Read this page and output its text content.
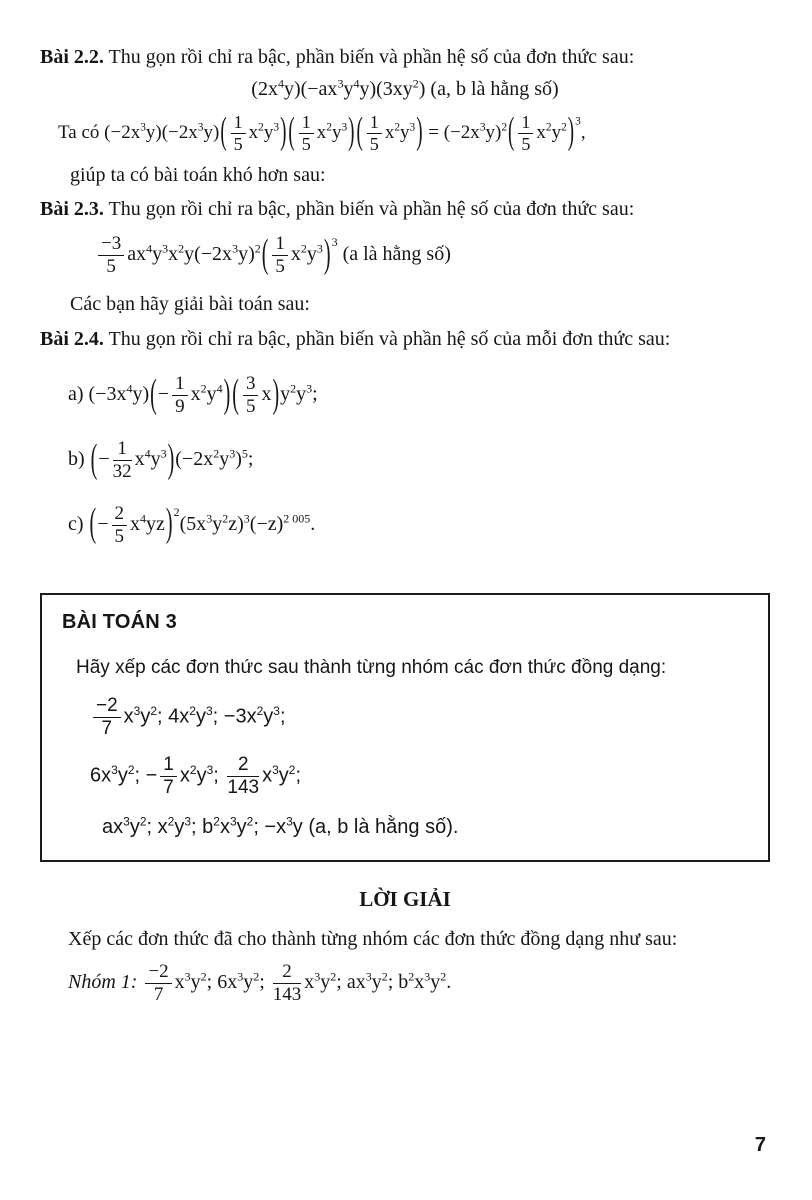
Bài 2.2. Thu gọn rồi chỉ ra bậc, phần biến và phần hệ số của đơn thức sau:

$(2x^4y)(-ax^3y^4y)(3xy^2)$ (a, b là hằng số)
Ta có $(-2x^3y)(-2x^3y)( \frac{1}{5} x^2y^3)$ ( $\frac{1}{5} x^2y^3$) ( $\frac{1}{5} x^2y^3) = (-2x^3y)^2( \frac{1}{5} x^2y^2)^3$,
giúp ta có bài toán khó hơn sau:

Bài 2.3. Thu gọn rồi chỉ ra bậc, phần biến và phần hệ số của đơn thức sau:

$\frac{-3}{5} ax^4y^3x^2y(-2x^3y)^2( \frac{1}{5} x^2y^3)^3$ (a là hằng số)
Các bạn hãy giải bài toán sau:

Bài 2.4. Thu gọn rồi chỉ ra bậc, phần biến và phần hệ số của mỗi đơn thức sau:

a) $(-3x^4y)(- \frac{1}{9} x^2y^4)$ ( $\frac{3}{5} x)y^2y^3$;
b) (− $\frac{1}{32} x^4y^3)(-2x^2y^3)^5$;
c) (− $\frac{2}{5} x^4yz)^2(5x^3y^2z)^3(-z)^{2 005}$.
BÀI TOÁN 3
Hãy xếp các đơn thức sau thành từng nhóm các đơn thức đồng dạng:
$\frac{-2}{7} x^3y^2$; $4x^2y^3$; $-3x^2y^3$;
$6x^3y^2$; − $\frac{1}{7} x^2y^3$; $\frac{2}{143} x^3y^2$;
$ax^3y^2$; $x^2y^3$; $b^2x^3y^2$; $-x^3y$ (a, b là hằng số).
LỜI GIẢI
Xếp các đơn thức đã cho thành từng nhóm các đơn thức đồng dạng như sau:
Nhóm 1: $\frac{-2}{7} x^3y^2$; $6x^3y^2$; $\frac{2}{143} x^3y^2$; $ax^3y^2$; $b^2x^3y^2$.
7
